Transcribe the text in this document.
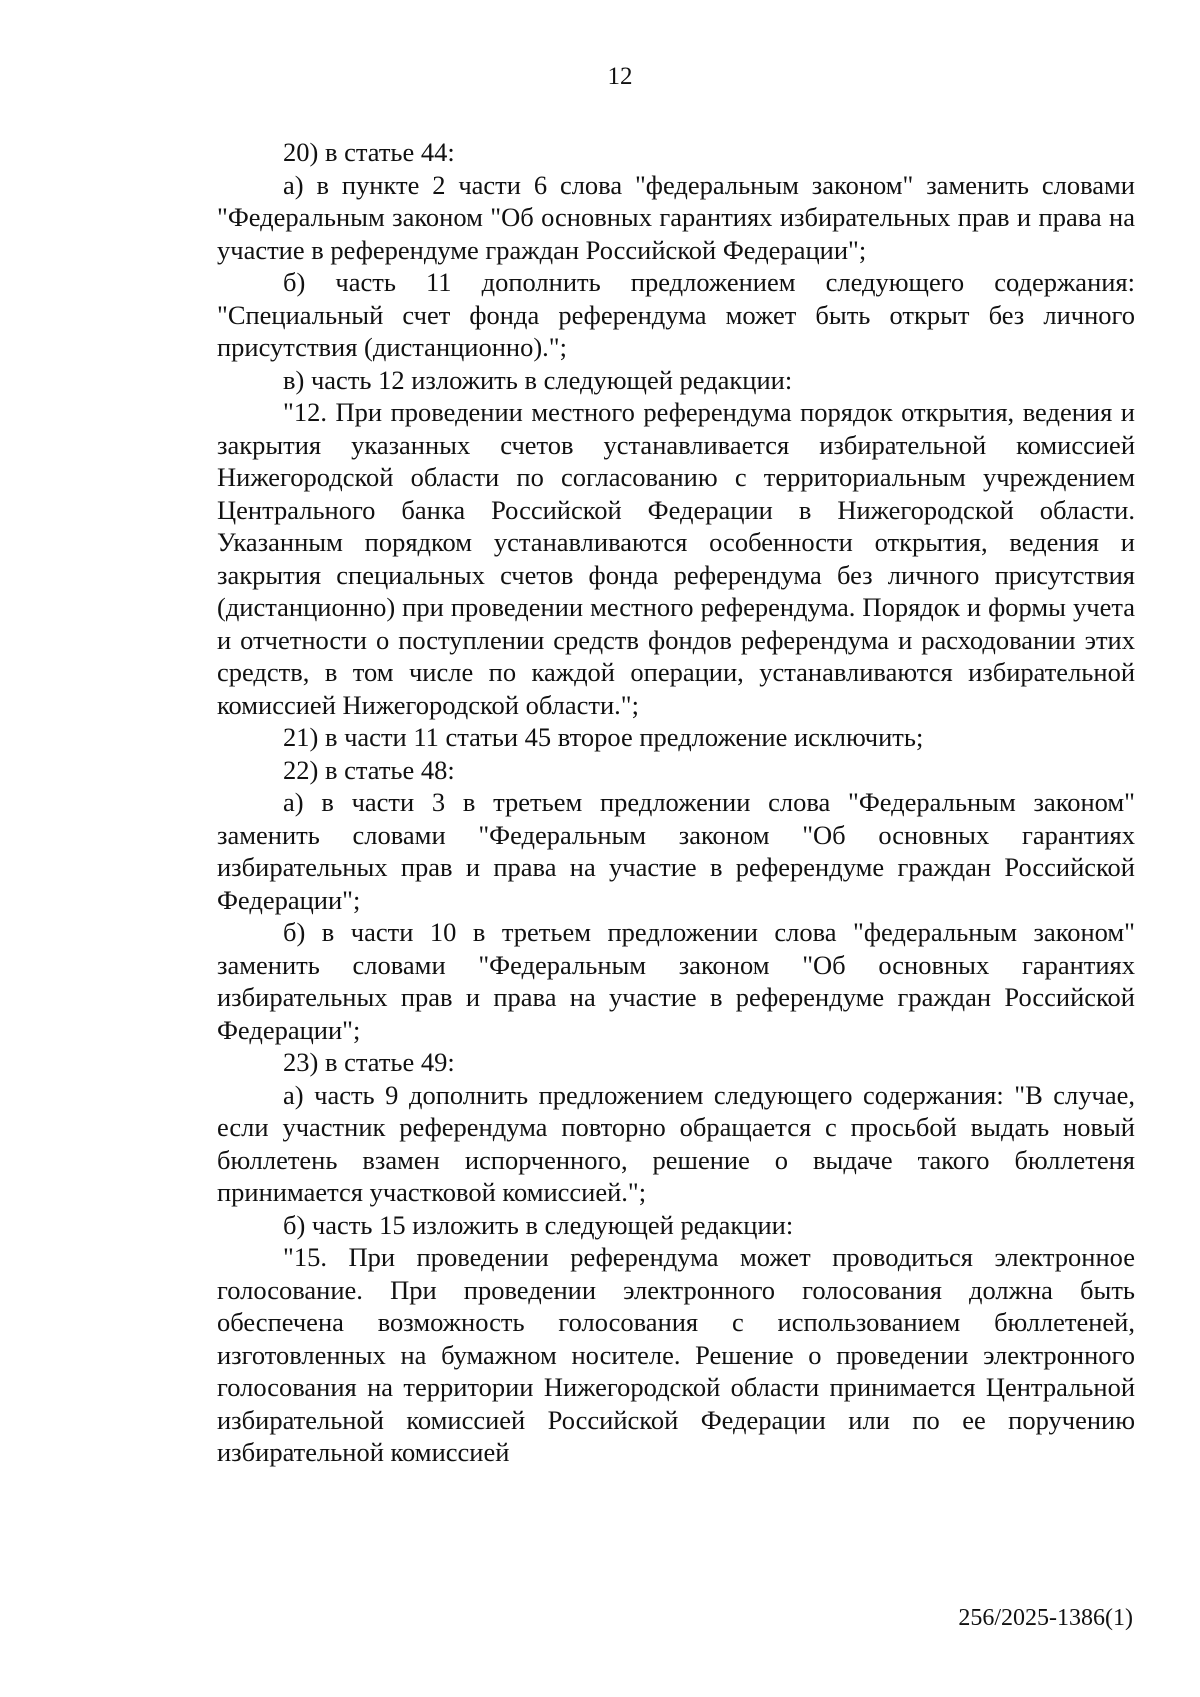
12

20) в статье 44:

а) в пункте 2 части 6 слова "федеральным законом" заменить словами "Федеральным законом "Об основных гарантиях избирательных прав и права на участие в референдуме граждан Российской Федерации";

б) часть 11 дополнить предложением следующего содержания: "Специальный счет фонда референдума может быть открыт без личного присутствия (дистанционно).";

в) часть 12 изложить в следующей редакции:

"12. При проведении местного референдума порядок открытия, ведения и закрытия указанных счетов устанавливается избирательной комиссией Нижегородской области по согласованию с территориальным учреждением Центрального банка Российской Федерации в Нижегородской области. Указанным порядком устанавливаются особенности открытия, ведения и закрытия специальных счетов фонда референдума без личного присутствия (дистанционно) при проведении местного референдума. Порядок и формы учета и отчетности о поступлении средств фондов референдума и расходовании этих средств, в том числе по каждой операции, устанавливаются избирательной комиссией Нижегородской области.";

21) в части 11 статьи 45 второе предложение исключить;

22) в статье 48:

а) в части 3 в третьем предложении слова "Федеральным законом" заменить словами "Федеральным законом "Об основных гарантиях избирательных прав и права на участие в референдуме граждан Российской Федерации";

б) в части 10 в третьем предложении слова "федеральным законом" заменить словами "Федеральным законом "Об основных гарантиях избирательных прав и права на участие в референдуме граждан Российской Федерации";

23) в статье 49:

а) часть 9 дополнить предложением следующего содержания: "В случае, если участник референдума повторно обращается с просьбой выдать новый бюллетень взамен испорченного, решение о выдаче такого бюллетеня принимается участковой комиссией.";

б) часть 15 изложить в следующей редакции:

"15. При проведении референдума может проводиться электронное голосование. При проведении электронного голосования должна быть обеспечена возможность голосования с использованием бюллетеней, изготовленных на бумажном носителе. Решение о проведении электронного голосования на территории Нижегородской области принимается Центральной избирательной комиссией Российской Федерации или по ее поручению избирательной комиссией

256/2025-1386(1)
